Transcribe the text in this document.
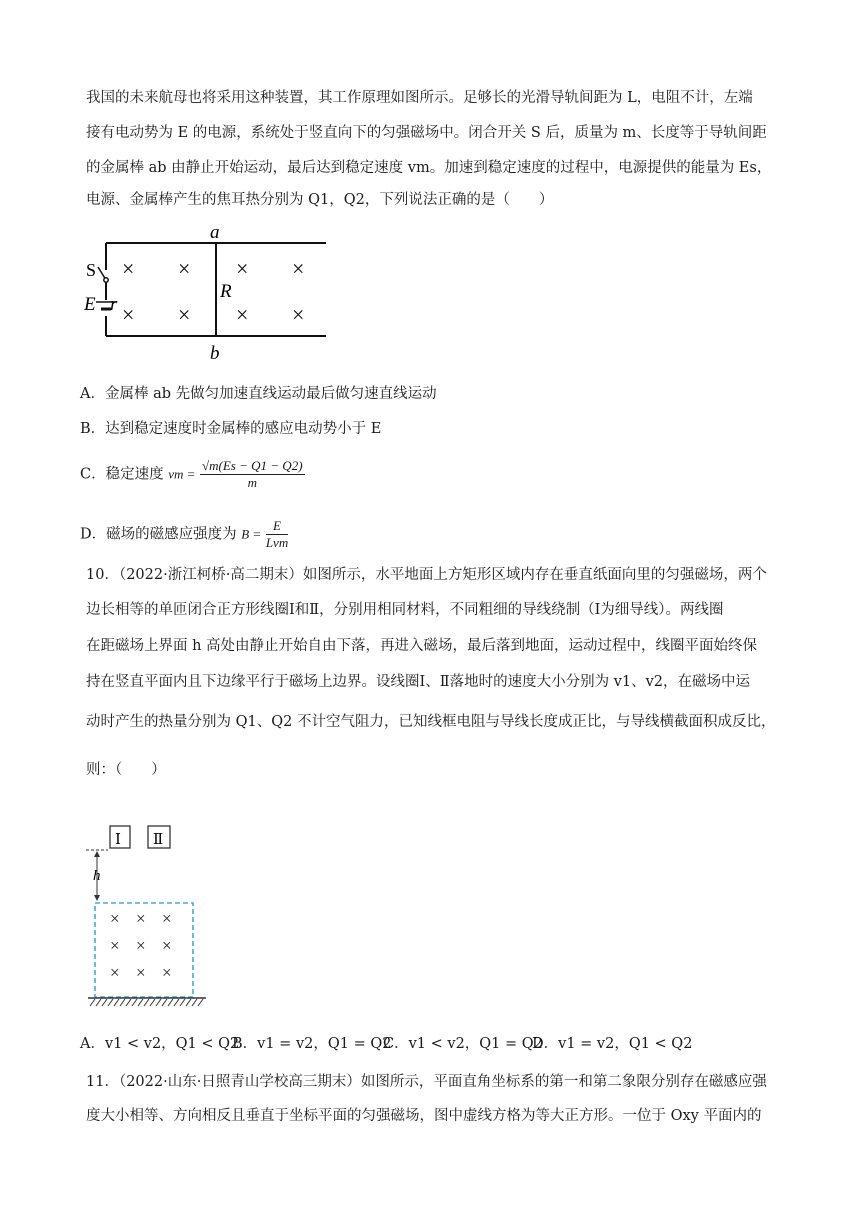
我国的未来航母也将采用这种装置，其工作原理如图所示。足够长的光滑导轨间距为 L，电阻不计，左端
接有电动势为 E 的电源，系统处于竖直向下的匀强磁场中。闭合开关 S 后，质量为 m、长度等于导轨间距
的金属棒 ab 由静止开始运动，最后达到稳定速度 vm。加速到稳定速度的过程中，电源提供的能量为 Es，
电源、金属棒产生的焦耳热分别为 Q1，Q2，下列说法正确的是（　　）
a
b
S
E r
R
× × × ×
× × × ×
A．金属棒 ab 先做匀加速直线运动最后做匀速直线运动
B．达到稳定速度时金属棒的感应电动势小于 E
C．稳定速度 vm = $\frac{√m(Es - Q1 - Q2)}{m}$
D．磁场的磁感应强度为 $B = \frac{E}{\text{Lvm}}$
10．（2022·浙江柯桥·高二期末）如图所示，水平地面上方矩形区域内存在垂直纸面向里的匀强磁场，两个
边长相等的单匝闭合正方形线圈Ⅰ和Ⅱ，分别用相同材料，不同粗细的导线绕制（Ⅰ为细导线）。两线圈
在距磁场上界面 h 高处由静止开始自由下落，再进入磁场，最后落到地面，运动过程中，线圈平面始终保
持在竖直平面内且下边缘平行于磁场上边界。设线圈Ⅰ、Ⅱ落地时的速度大小分别为 v1、v2，在磁场中运
动时产生的热量分别为 Q1、Q2 不计空气阻力，已知线框电阻与导线长度成正比，与导线横截面积成反比，
则：（　　）
Ⅰ Ⅱ
h
× × ×
× × ×
× × ×
A．v1 < v2，Q1 < Q2
B．v1 = v2，Q1 = Q2
C．v1 < v2，Q1 = Q2
D．v1 = v2，Q1 < Q2
11．（2022·山东·日照青山学校高三期末）如图所示，平面直角坐标系的第一和第二象限分别存在磁感应强
度大小相等、方向相反且垂直于坐标平面的匀强磁场，图中虚线方格为等大正方形。一位于 Oxy 平面内的
